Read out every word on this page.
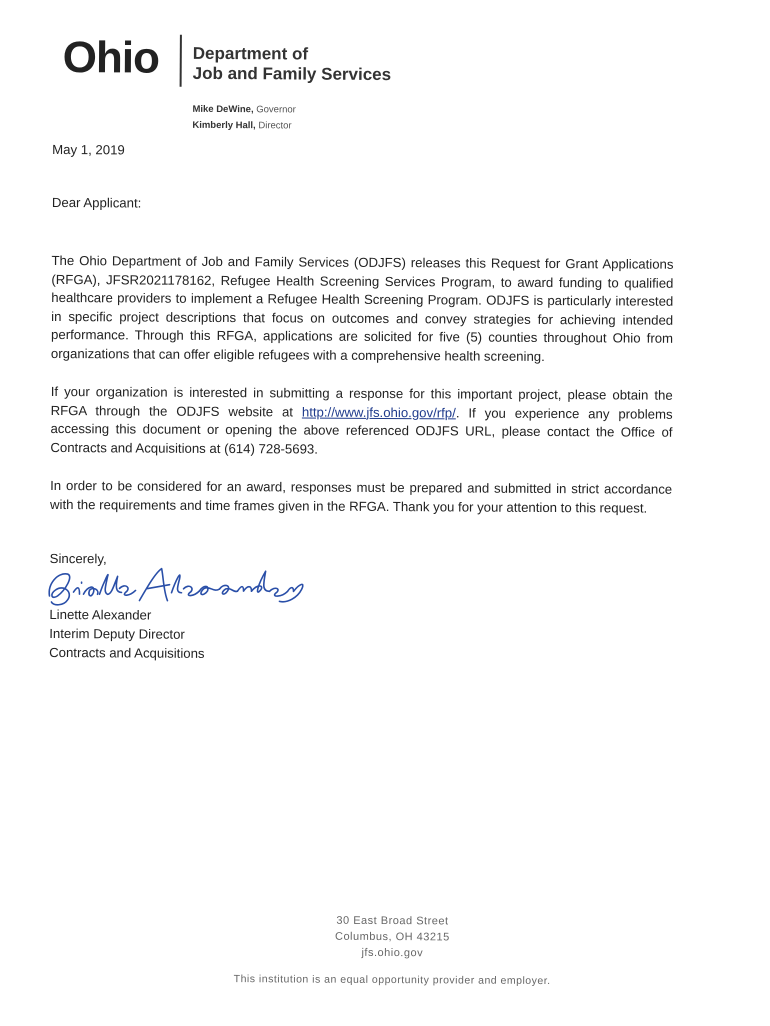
Ohio Department of
Job and Family Services
Mike DeWine, Governor
Kimberly Hall, Director
May 1, 2019
Dear Applicant:
The Ohio Department of Job and Family Services (ODJFS) releases this Request for Grant Applications (RFGA), JFSR2021178162, Refugee Health Screening Services Program, to award funding to qualified healthcare providers to implement a Refugee Health Screening Program. ODJFS is particularly interested in specific project descriptions that focus on outcomes and convey strategies for achieving intended performance. Through this RFGA, applications are solicited for five (5) counties throughout Ohio from organizations that can offer eligible refugees with a comprehensive health screening.
If your organization is interested in submitting a response for this important project, please obtain the RFGA through the ODJFS website at http://www.jfs.ohio.gov/rfp/. If you experience any problems accessing this document or opening the above referenced ODJFS URL, please contact the Office of Contracts and Acquisitions at (614) 728-5693.
In order to be considered for an award, responses must be prepared and submitted in strict accordance with the requirements and time frames given in the RFGA. Thank you for your attention to this request.
Sincerely,
Linette Alexander
Interim Deputy Director
Contracts and Acquisitions
30 East Broad Street
Columbus, OH 43215
jfs.ohio.gov
This institution is an equal opportunity provider and employer.
